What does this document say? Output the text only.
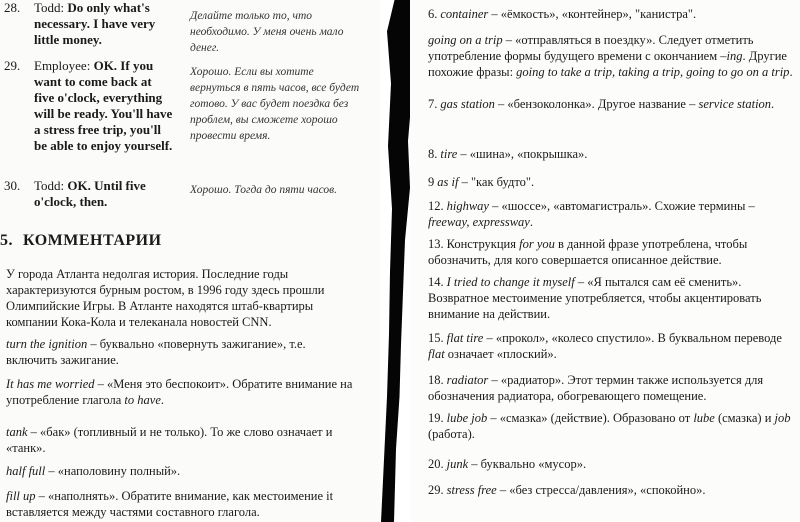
28. Todd: Do only what's necessary. I have very little money.
Делайте только то, что необходимо. У меня очень мало денег.
29. Employee: OK. If you want to come back at five o'clock, everything will be ready. You'll have a stress free trip, you'll be able to enjoy yourself.
Хорошо. Если вы хотите вернуться в пять часов, все будет готово. У вас будет поездка без проблем, вы сможете хорошо провести время.
30. Todd: OK. Until five o'clock, then.
Хорошо. Тогда до пяти часов.
5. КОММЕНТАРИИ

У города Атланта недолгая история. Последние годы характеризуются бурным ростом, в 1996 году здесь прошли Олимпийские Игры. В Атланте находятся штаб-квартиры компании Кока-Кола и телеканала новостей CNN.

turn the ignition – буквально «повернуть зажигание», т.е. включить зажигание.

It has me worried – «Меня это беспокоит». Обратите внимание на употребление глагола to have.

tank – «бак» (топливный и не только). То же слово означает и «танк».

half full – «наполовину полный».

fill up – «наполнять». Обратите внимание, как местоимение it вставляется между частями составного глагола.

6. container – «ёмкость», «контейнер», "канистра".

going on a trip – «отправляться в поездку». Следует отметить употребление формы будущего времени с окончанием –ing. Другие похожие фразы: going to take a trip, taking a trip, going to go on a trip.

7. gas station – «бензоколонка». Другое название – service station.

8. tire – «шина», «покрышка».

9 as if – "как будто".

12. highway – «шоссе», «автомагистраль». Схожие термины – freeway, expressway.

13. Конструкция for you в данной фразе употреблена, чтобы обозначить, для кого совершается описанное действие.

14. I tried to change it myself – «Я пытался сам её сменить». Возвратное местоимение употребляется, чтобы акцентировать внимание на действии.

15. flat tire – «прокол», «колесо спустило». В буквальном переводе flat означает «плоский».

18. radiator – «радиатор». Этот термин также используется для обозначения радиатора, обогревающего помещение.

19. lube job – «смазка» (действие). Образовано от lube (смазка) и job (работа).

20. junk – буквально «мусор».

29. stress free – «без стресса/давления», «спокойно».
